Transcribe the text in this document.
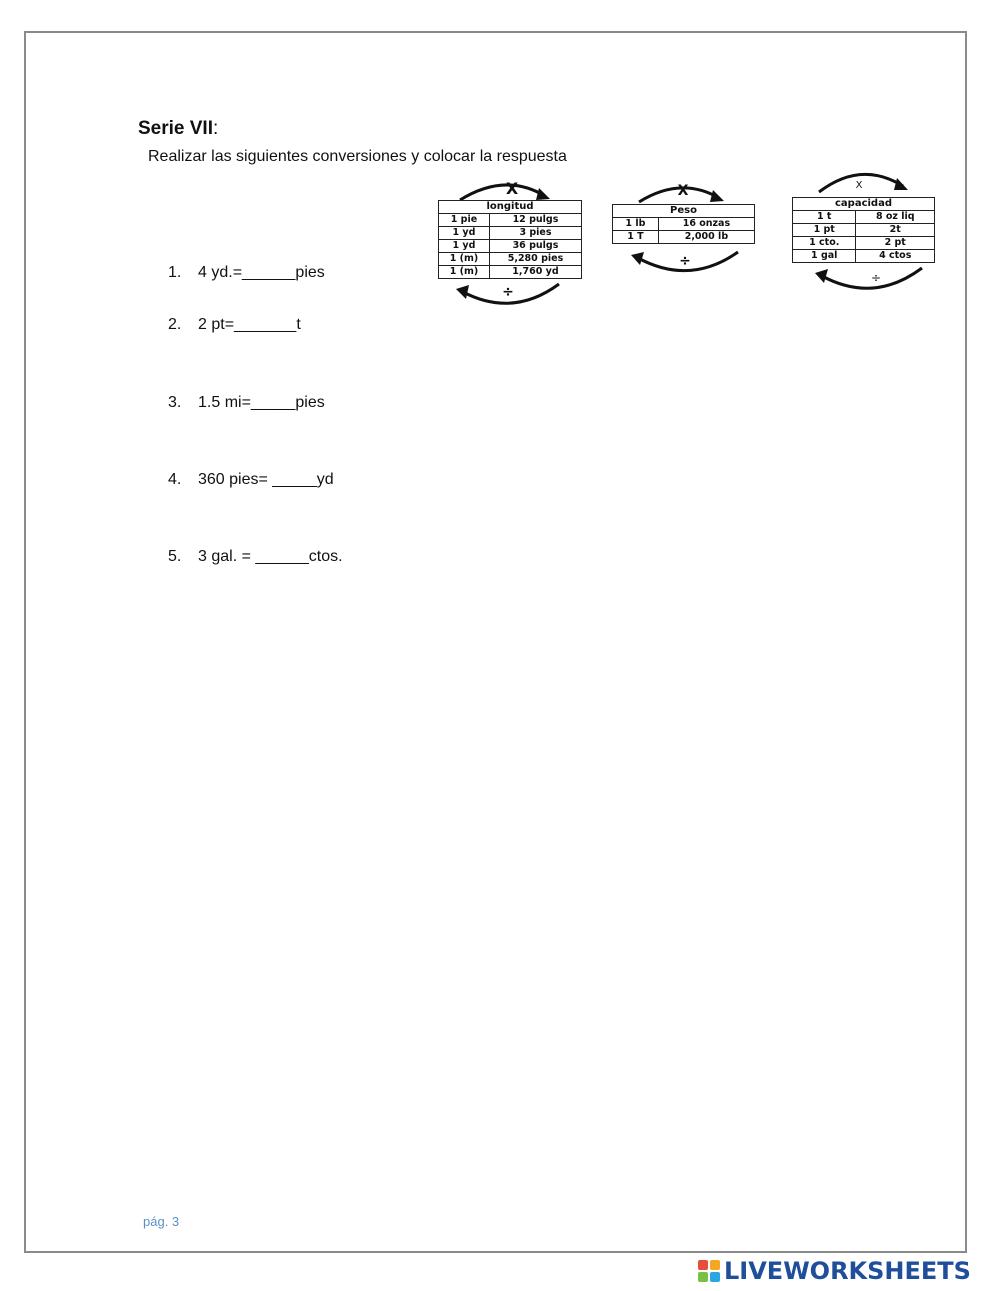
Serie VII:
Realizar las siguientes conversiones y colocar la respuesta
1. 4 yd.=______pies
2. 2 pt=_______t
3. 1.5 mi=_____pies
4. 360 pies= _____yd
5. 3 gal. = ______ctos.
X
longitud	
1 pie	12 pulgs
1 yd	3 pies
1 yd	36 pulgs
1 (m)	5,280 pies
1 (m)	1,760 yd
÷
X
Peso	
1 lb	16 onzas
1 T	2,000 lb
÷
X
capacidad	
1 t	8 oz liq
1 pt	2t
1 cto.	2 pt
1 gal	4 ctos
÷
pág. 3
LIVEWORKSHEETS
